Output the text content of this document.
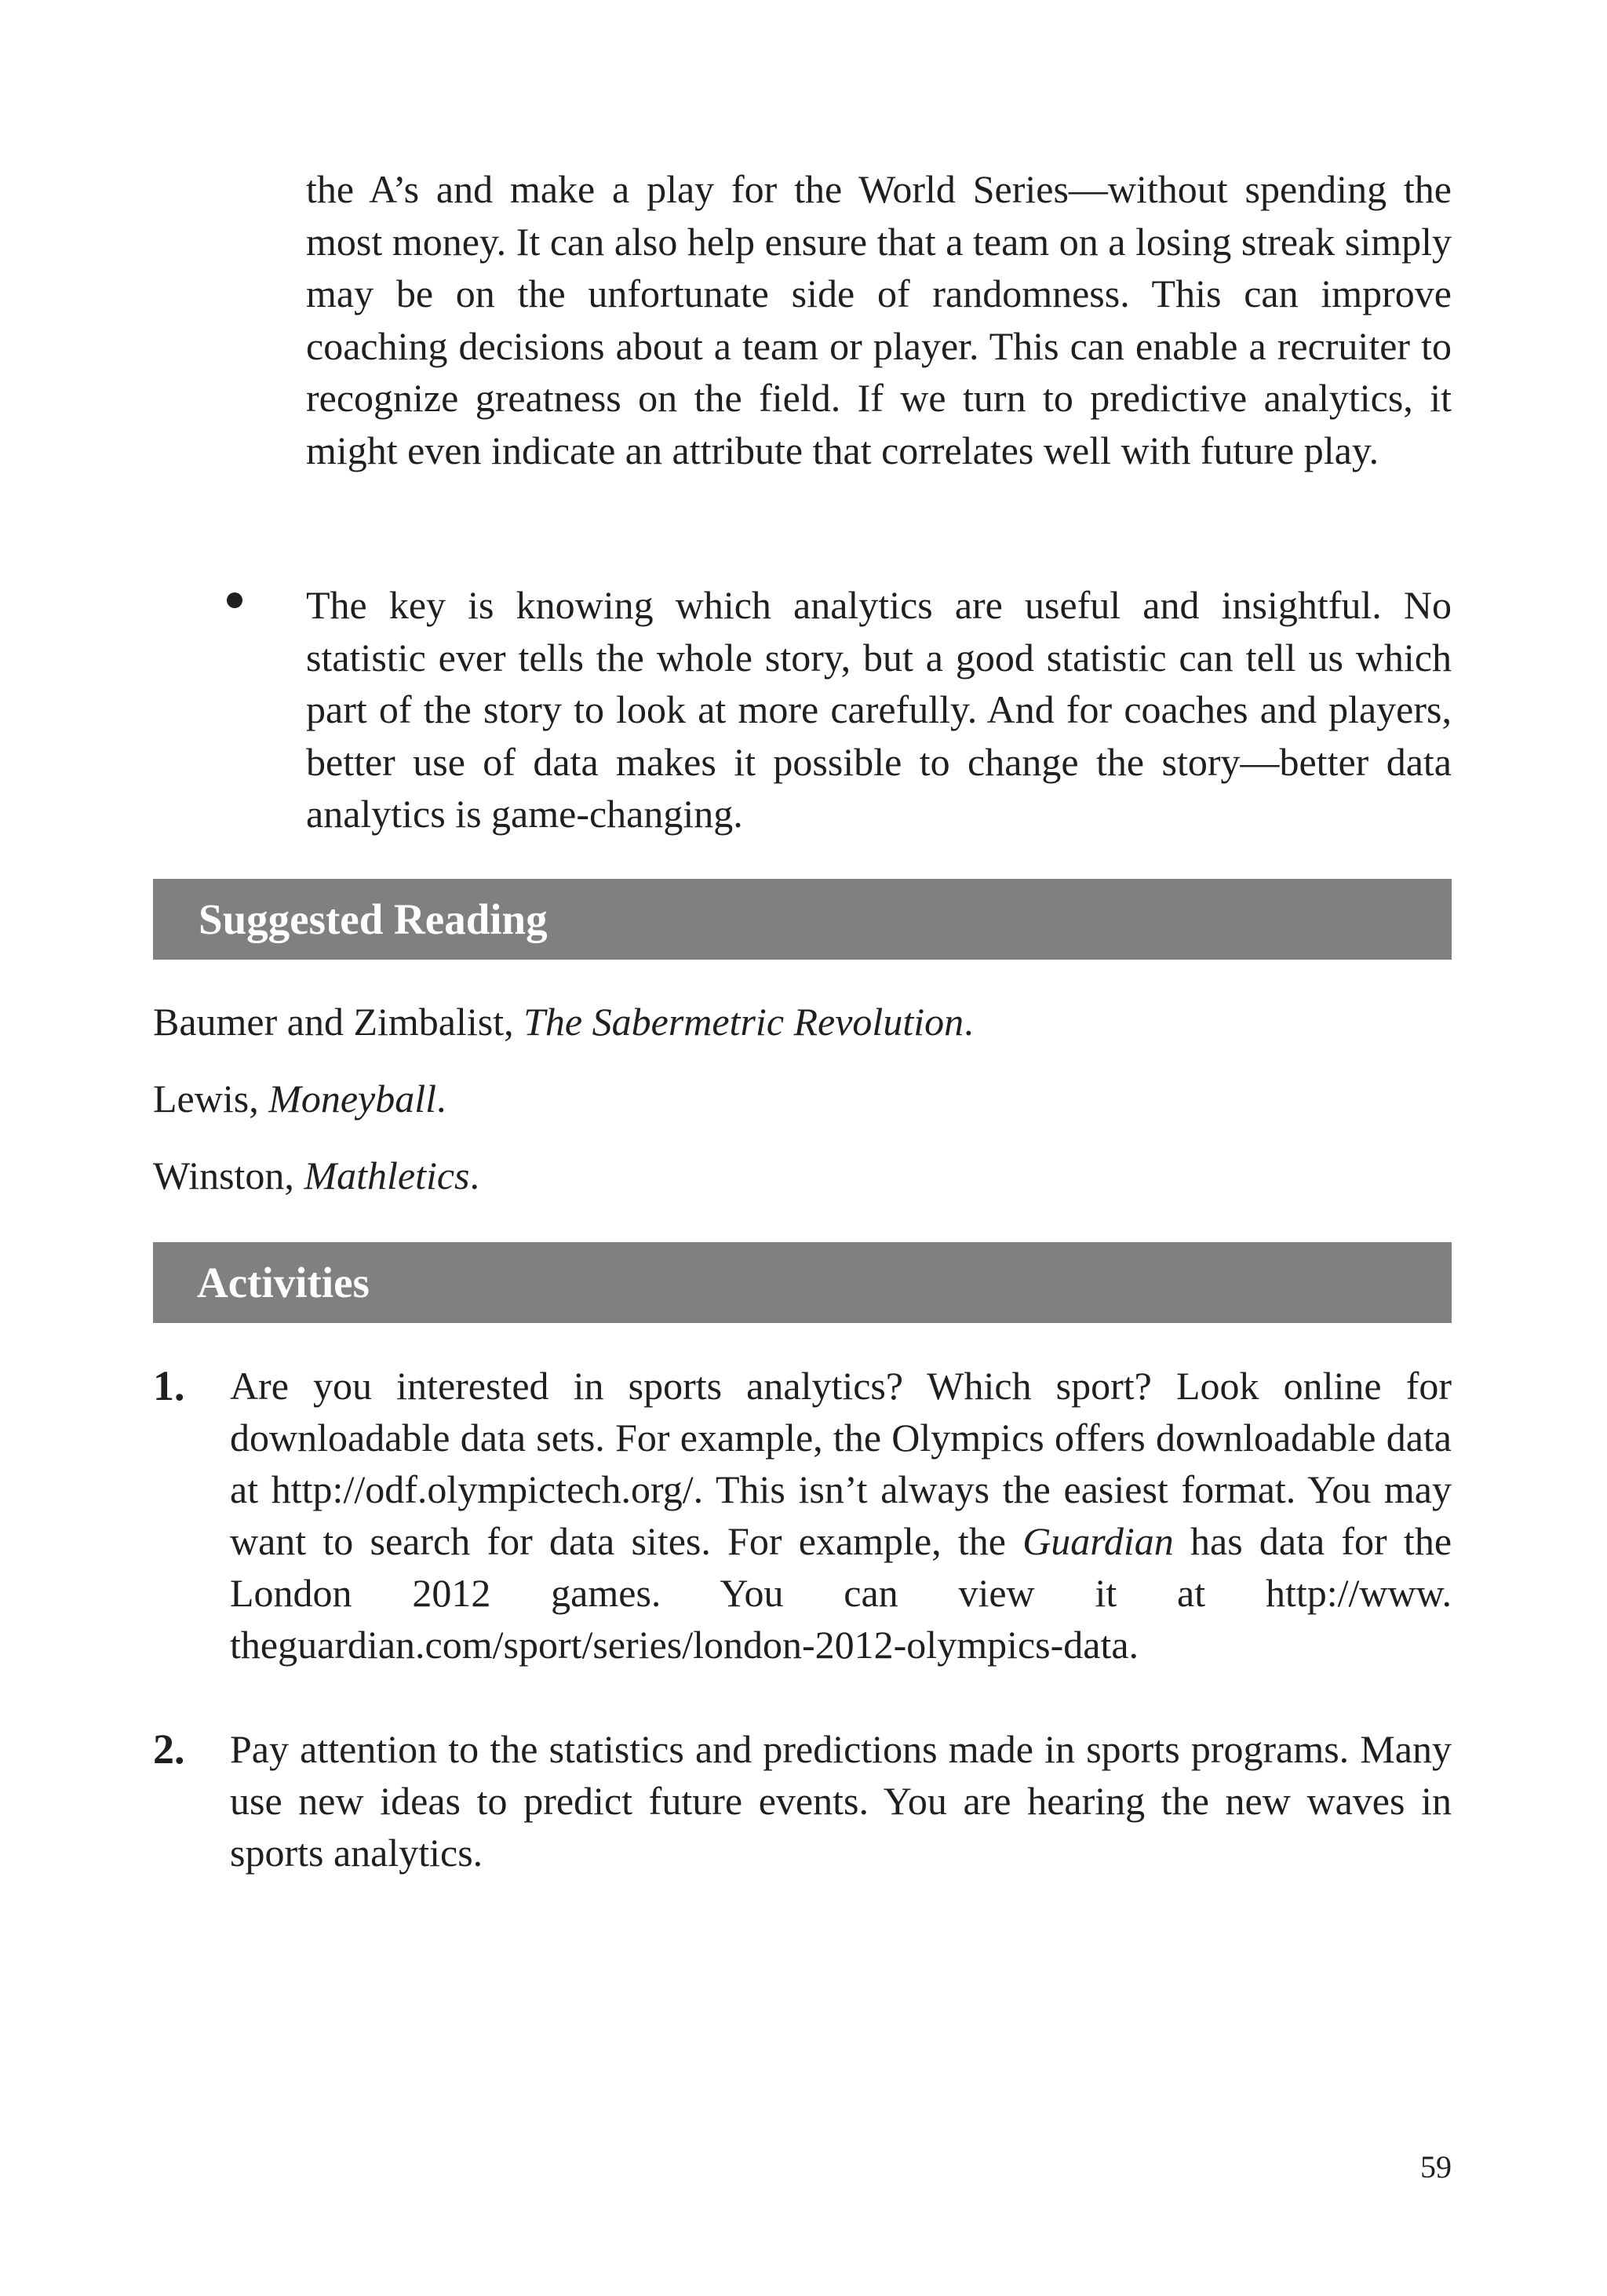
the A’s and make a play for the World Series—without spending the most money. It can also help ensure that a team on a losing streak simply may be on the unfortunate side of randomness. This can improve coaching decisions about a team or player. This can enable a recruiter to recognize greatness on the field. If we turn to predictive analytics, it might even indicate an attribute that correlates well with future play.

The key is knowing which analytics are useful and insightful. No statistic ever tells the whole story, but a good statistic can tell us which part of the story to look at more carefully. And for coaches and players, better use of data makes it possible to change the story—better data analytics is game-changing.

Suggested Reading
Baumer and Zimbalist, The Sabermetric Revolution.
Lewis, Moneyball.
Winston, Mathletics.
Activities
1. Are you interested in sports analytics? Which sport? Look online for downloadable data sets. For example, the Olympics offers downloadable data at http://odf.olympictech.org/. This isn’t always the easiest format. You may want to search for data sites. For example, the Guardian has data for the London 2012 games. You can view it at http://www. theguardian.com/sport/series/london-2012-olympics-data.

2. Pay attention to the statistics and predictions made in sports programs. Many use new ideas to predict future events. You are hearing the new waves in sports analytics.

59
